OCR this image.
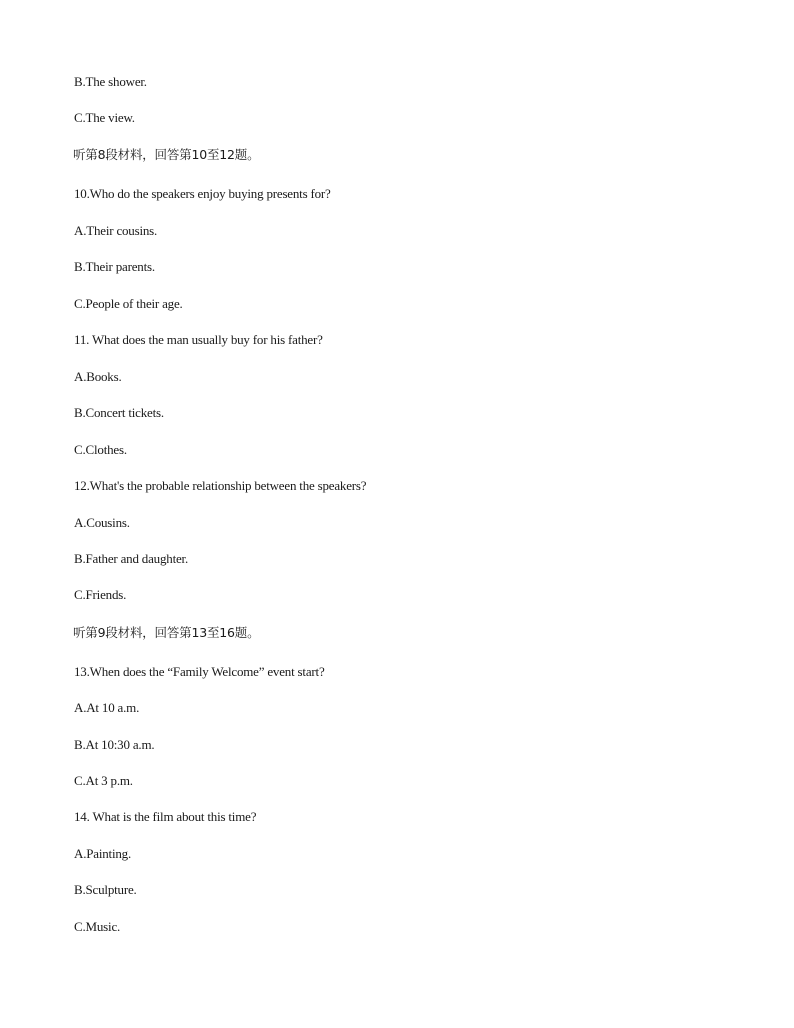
B.The shower.
C.The view.
听第8段材料，回答第10至12题。
10.Who do the speakers enjoy buying presents for?
A.Their cousins.
B.Their parents.
C.People of their age.
11. What does the man usually buy for his father?
A.Books.
B.Concert tickets.
C.Clothes.
12.What's the probable relationship between the speakers?
A.Cousins.
B.Father and daughter.
C.Friends.
听第9段材料，回答第13至16题。
13.When does the “Family Welcome” event start?
A.At 10 a.m.
B.At 10:30 a.m.
C.At 3 p.m.
14. What is the film about this time?
A.Painting.
B.Sculpture.
C.Music.
